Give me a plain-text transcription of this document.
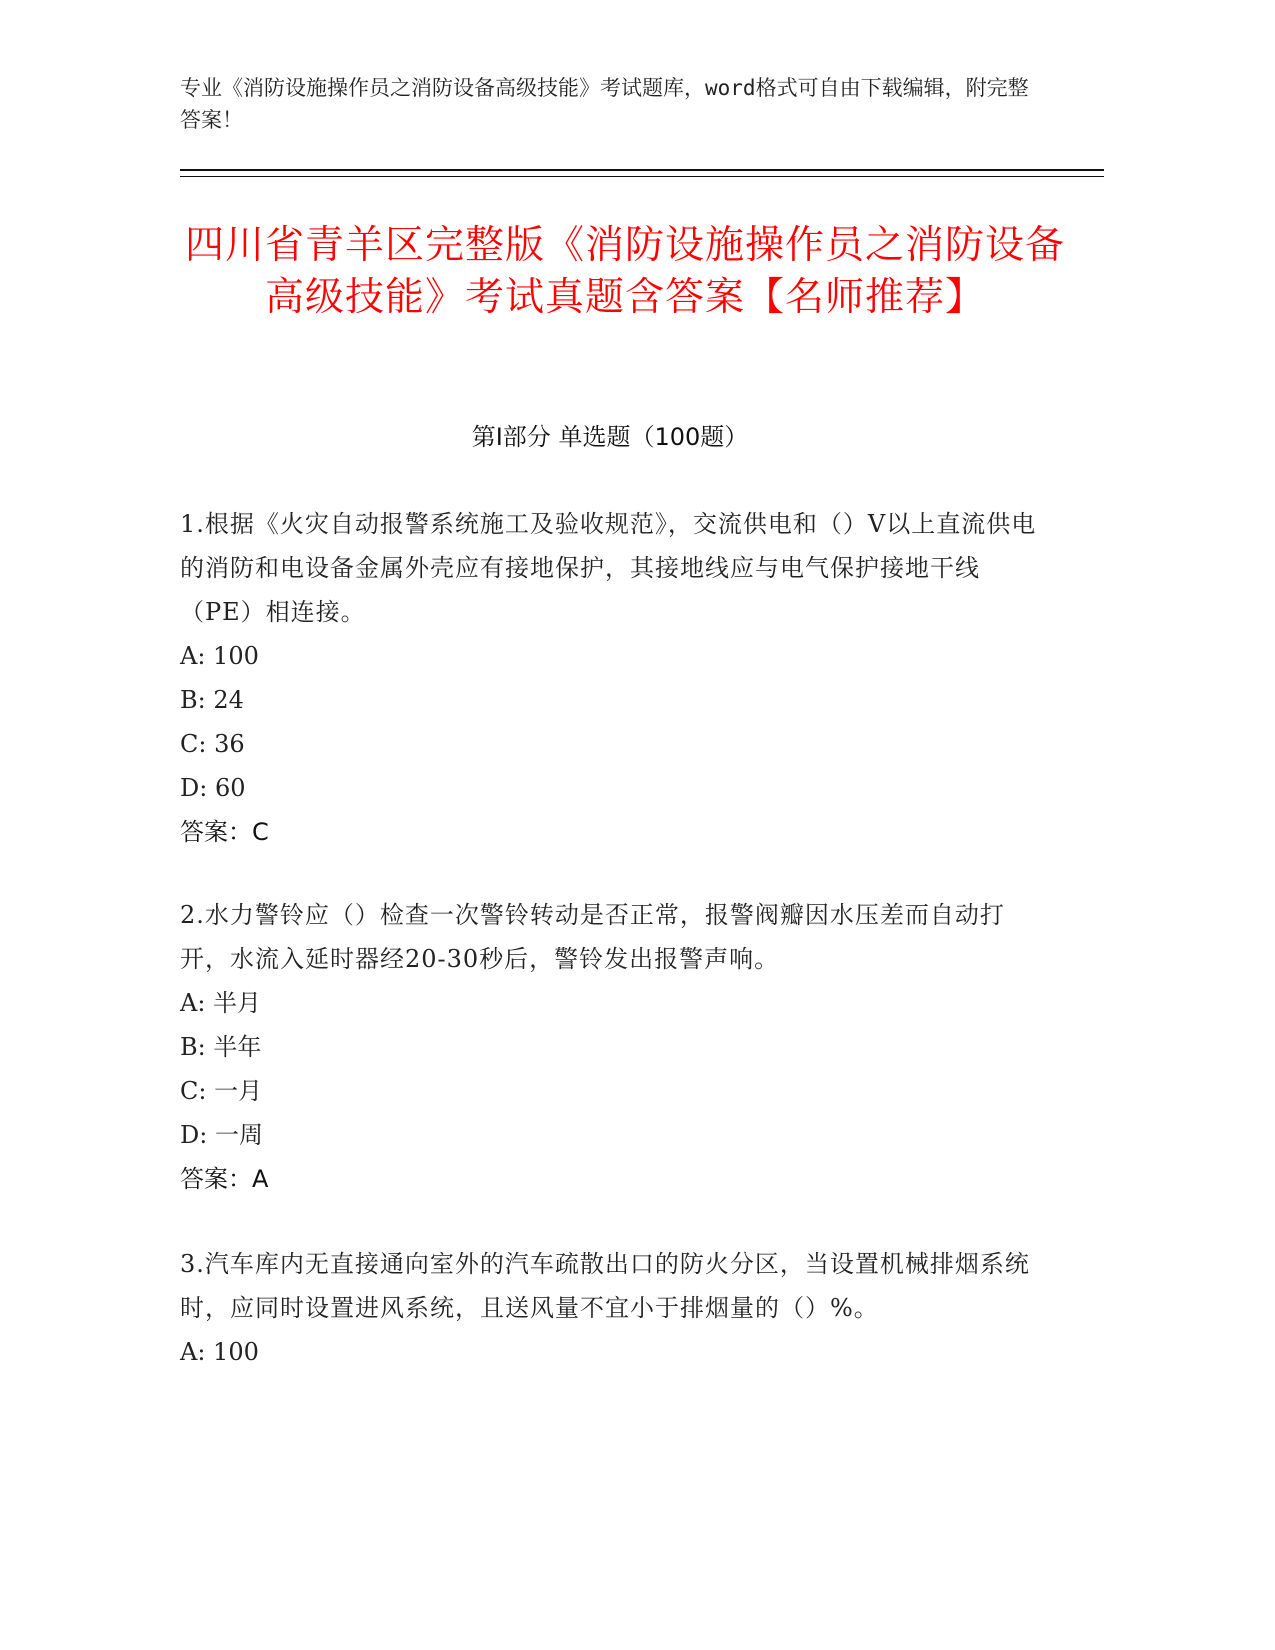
专业《消防设施操作员之消防设备高级技能》考试题库，word格式可自由下载编辑，附完整答案！
四川省青羊区完整版《消防设施操作员之消防设备高级技能》考试真题含答案【名师推荐】
第Ⅰ部分 单选题（100题）

1.根据《火灾自动报警系统施工及验收规范》，交流供电和（）V以上直流供电的消防和电设备金属外壳应有接地保护，其接地线应与电气保护接地干线（PE）相连接。

A: 100

B: 24

C: 36

D: 60

答案：C

2.水力警铃应（）检查一次警铃转动是否正常，报警阀瓣因水压差而自动打开，水流入延时器经20-30秒后，警铃发出报警声响。

A: 半月

B: 半年

C: 一月

D: 一周

答案：A

3.汽车库内无直接通向室外的汽车疏散出口的防火分区，当设置机械排烟系统时，应同时设置进风系统，且送风量不宜小于排烟量的（）%。

A: 100
